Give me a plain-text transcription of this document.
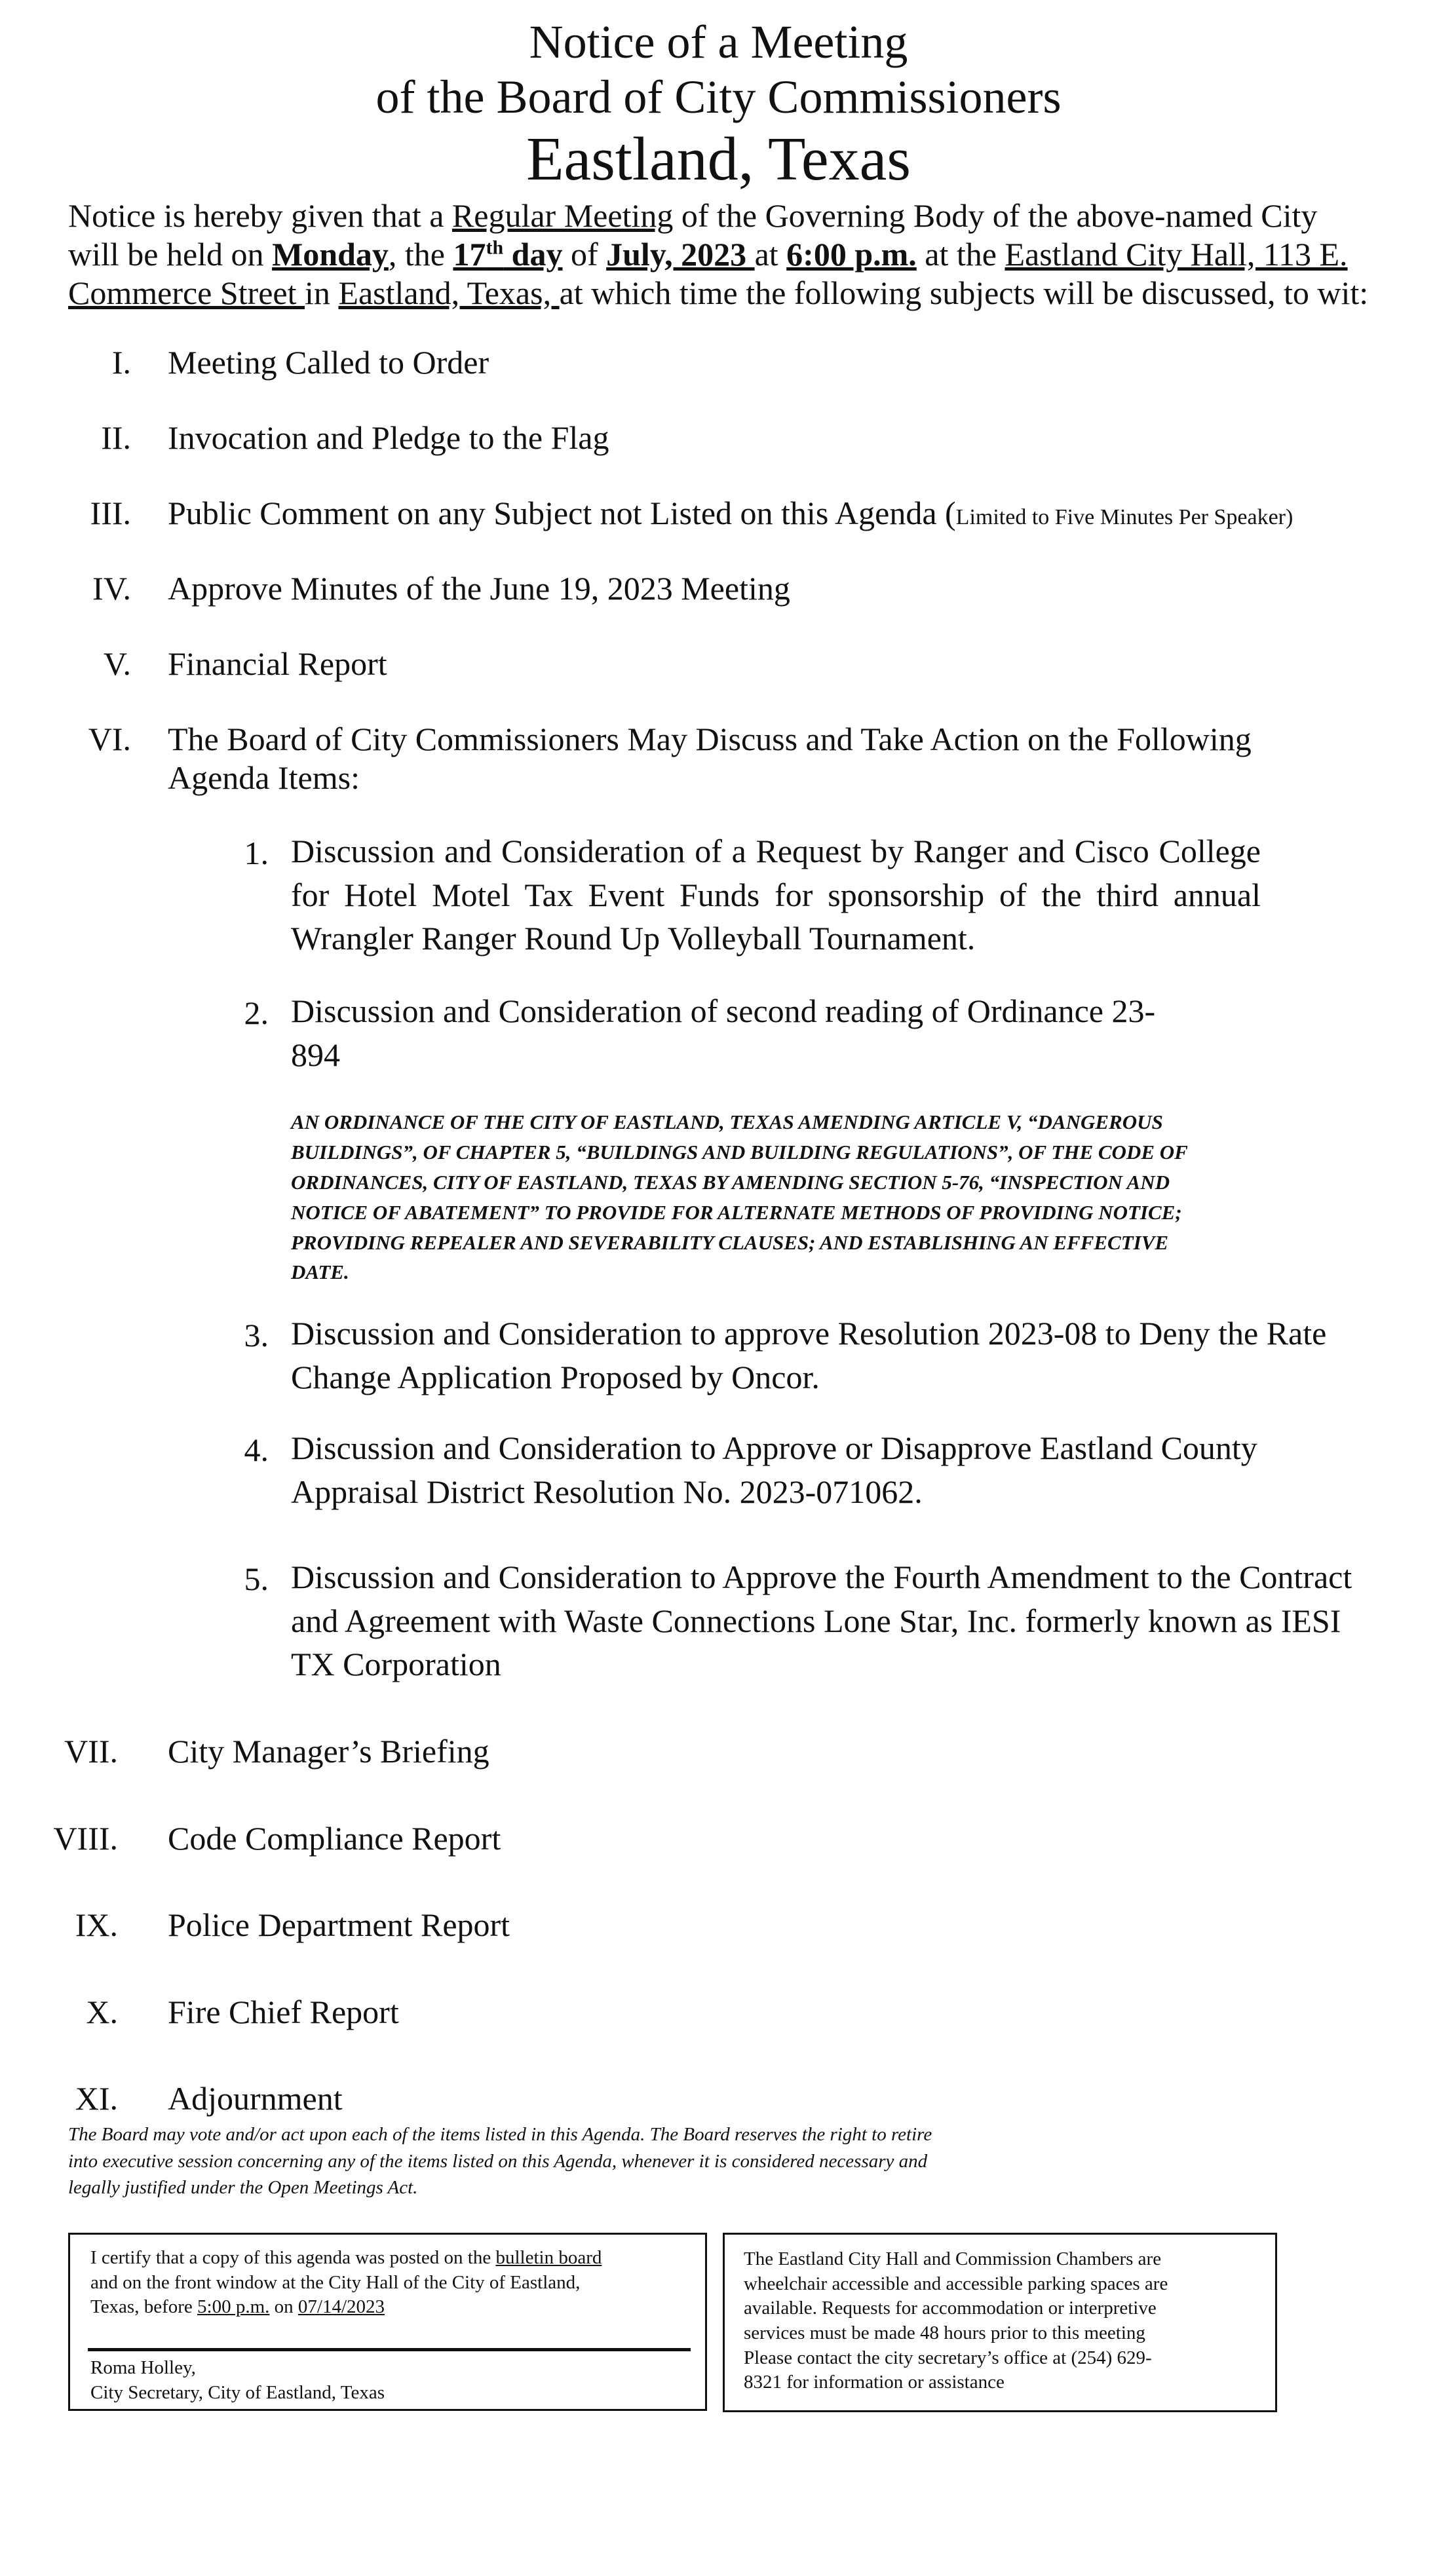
Notice of a Meeting
of the Board of City Commissioners
Eastland, Texas
Notice is hereby given that a Regular Meeting of the Governing Body of the above-named City
will be held on Monday, the 17th day of July, 2023 at 6:00 p.m. at the Eastland City Hall, 113 E.
Commerce Street in Eastland, Texas, at which time the following subjects will be discussed, to wit:
I. Meeting Called to Order
II. Invocation and Pledge to the Flag
III. Public Comment on any Subject not Listed on this Agenda (Limited to Five Minutes Per Speaker)
IV. Approve Minutes of the June 19, 2023 Meeting
V. Financial Report
VI. The Board of City Commissioners May Discuss and Take Action on the Following
Agenda Items:
1. Discussion and Consideration of a Request by Ranger and Cisco College
for Hotel Motel Tax Event Funds for sponsorship of the third annual
Wrangler Ranger Round Up Volleyball Tournament.
2. Discussion and Consideration of second reading of Ordinance 23-
894
AN ORDINANCE OF THE CITY OF EASTLAND, TEXAS AMENDING ARTICLE V, “DANGEROUS
BUILDINGS”, OF CHAPTER 5, “BUILDINGS AND BUILDING REGULATIONS”, OF THE CODE OF
ORDINANCES, CITY OF EASTLAND, TEXAS BY AMENDING SECTION 5-76, “INSPECTION AND
NOTICE OF ABATEMENT” TO PROVIDE FOR ALTERNATE METHODS OF PROVIDING NOTICE;
PROVIDING REPEALER AND SEVERABILITY CLAUSES; AND ESTABLISHING AN EFFECTIVE
DATE.
3. Discussion and Consideration to approve Resolution 2023-08 to Deny the Rate
Change Application Proposed by Oncor.
4. Discussion and Consideration to Approve or Disapprove Eastland County
Appraisal District Resolution No. 2023-071062.
5. Discussion and Consideration to Approve the Fourth Amendment to the Contract
and Agreement with Waste Connections Lone Star, Inc. formerly known as IESI
TX Corporation
VII. City Manager’s Briefing
VIII. Code Compliance Report
IX. Police Department Report
X. Fire Chief Report
XI. Adjournment
The Board may vote and/or act upon each of the items listed in this Agenda. The Board reserves the right to retire
into executive session concerning any of the items listed on this Agenda, whenever it is considered necessary and
legally justified under the Open Meetings Act.
I certify that a copy of this agenda was posted on the bulletin board
and on the front window at the City Hall of the City of Eastland,
Texas, before 5:00 p.m. on 07/14/2023
Roma Holley,
City Secretary, City of Eastland, Texas
The Eastland City Hall and Commission Chambers are
wheelchair accessible and accessible parking spaces are
available. Requests for accommodation or interpretive
services must be made 48 hours prior to this meeting
Please contact the city secretary’s office at (254) 629-
8321 for information or assistance
